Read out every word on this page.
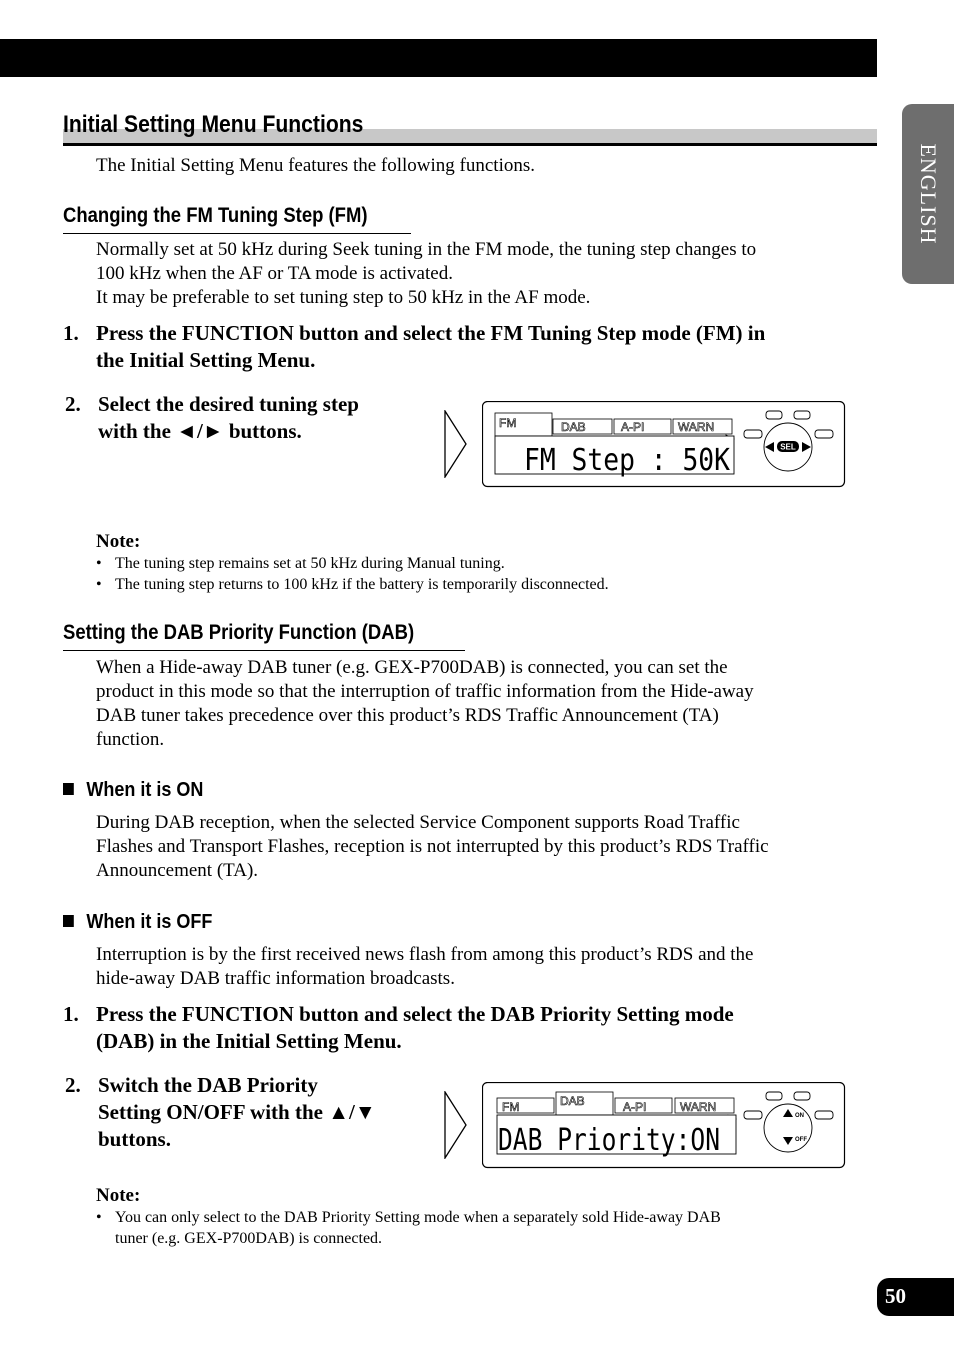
ENGLISH
Initial Setting Menu Functions
The Initial Setting Menu features the following functions.
Changing the FM Tuning Step (FM)
Normally set at 50 kHz during Seek tuning in the FM mode, the tuning step changes to
100 kHz when the AF or TA mode is activated.
It may be preferable to set tuning step to 50 kHz in the AF mode.
1. Press the FUNCTION button and select the FM Tuning Step mode (FM) in
the Initial Setting Menu.
2. Select the desired tuning step
with the ◄/► buttons.	FM	DAB	A-PI	WARN
FM Step : 50K	SEL
Note:
• The tuning step remains set at 50 kHz during Manual tuning.
• The tuning step returns to 100 kHz if the battery is temporarily disconnected.
Setting the DAB Priority Function (DAB)
When a Hide-away DAB tuner (e.g. GEX-P700DAB) is connected, you can set the
product in this mode so that the interruption of traffic information from the Hide-away
DAB tuner takes precedence over this product’s RDS Traffic Announcement (TA)
function.
When it is ON
During DAB reception, when the selected Service Component supports Road Traffic
Flashes and Transport Flashes, reception is not interrupted by this product’s RDS Traffic
Announcement (TA).
When it is OFF
Interruption is by the first received news flash from among this product’s RDS and the
hide-away DAB traffic information broadcasts.
1. Press the FUNCTION button and select the DAB Priority Setting mode
(DAB) in the Initial Setting Menu.
2. Switch the DAB Priority
Setting ON/OFF with the ▲/▼
buttons.
FM	DAB	A-PI	WARN
DAB Priority:ON
ON
OFF
Note:
• You can only select to the DAB Priority Setting mode when a separately sold Hide-away DAB
tuner (e.g. GEX-P700DAB) is connected.
50
